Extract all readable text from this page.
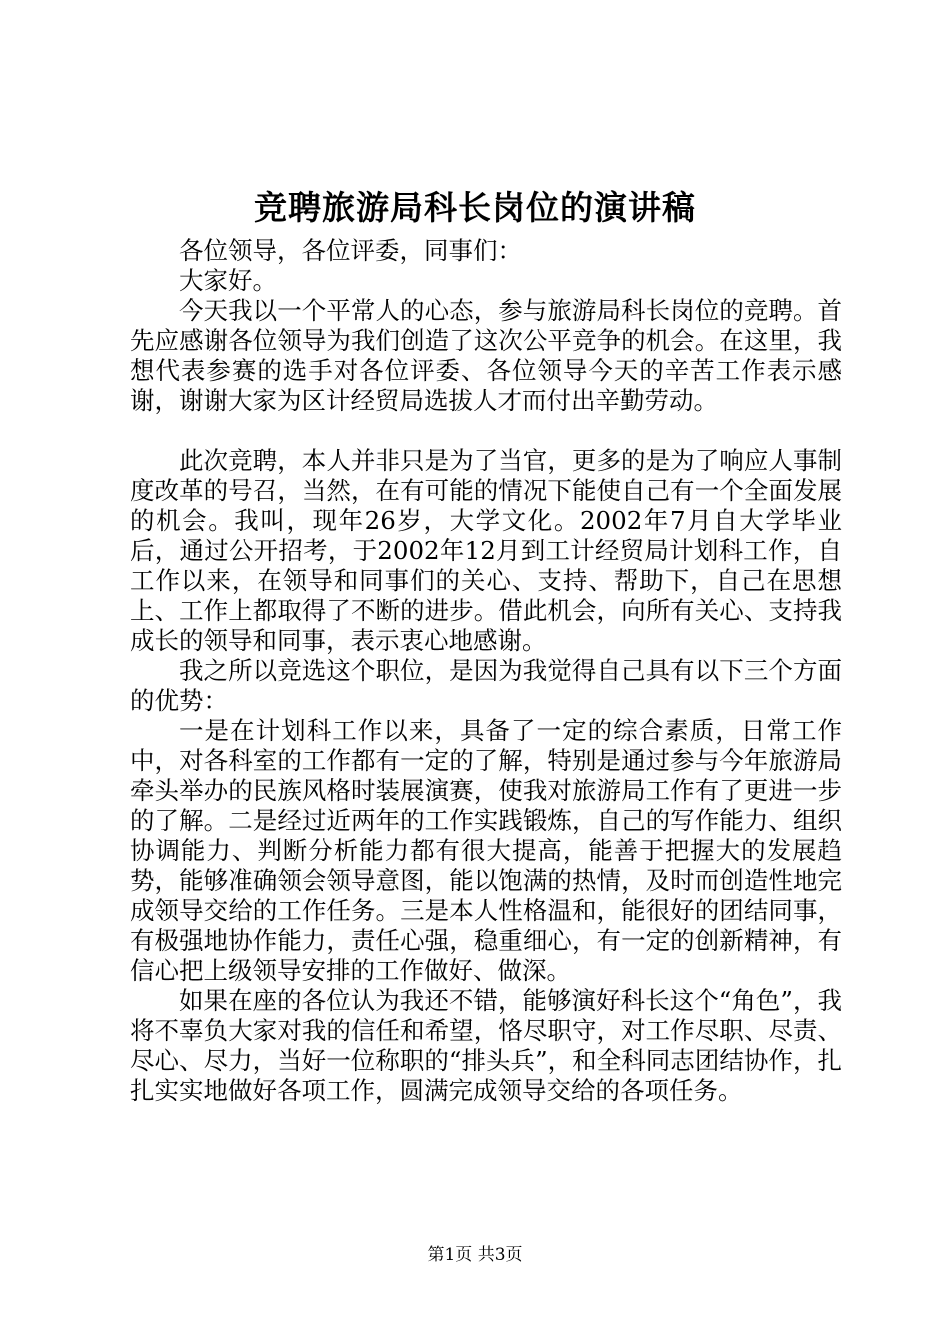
竞聘旅游局科长岗位的演讲稿

各位领导，各位评委，同事们：

大家好。

今天我以一个平常人的心态，参与旅游局科长岗位的竞聘。首先应感谢各位领导为我们创造了这次公平竞争的机会。在这里，我想代表参赛的选手对各位评委、各位领导今天的辛苦工作表示感谢，谢谢大家为区计经贸局选拔人才而付出辛勤劳动。

此次竞聘，本人并非只是为了当官，更多的是为了响应人事制度改革的号召，当然，在有可能的情况下能使自己有一个全面发展的机会。我叫，现年26岁，大学文化。2002年7月自大学毕业后，通过公开招考，于2002年12月到工计经贸局计划科工作，自工作以来，在领导和同事们的关心、支持、帮助下，自己在思想上、工作上都取得了不断的进步。借此机会，向所有关心、支持我成长的领导和同事，表示衷心地感谢。

我之所以竞选这个职位，是因为我觉得自己具有以下三个方面的优势：

一是在计划科工作以来，具备了一定的综合素质，日常工作中，对各科室的工作都有一定的了解，特别是通过参与今年旅游局牵头举办的民族风格时装展演赛，使我对旅游局工作有了更进一步的了解。二是经过近两年的工作实践锻炼，自己的写作能力、组织协调能力、判断分析能力都有很大提高，能善于把握大的发展趋势，能够准确领会领导意图，能以饱满的热情，及时而创造性地完成领导交给的工作任务。三是本人性格温和，能很好的团结同事，有极强地协作能力，责任心强，稳重细心，有一定的创新精神，有信心把上级领导安排的工作做好、做深。

如果在座的各位认为我还不错，能够演好科长这个“角色”，我将不辜负大家对我的信任和希望，恪尽职守，对工作尽职、尽责、尽心、尽力，当好一位称职的“排头兵”，和全科同志团结协作，扎扎实实地做好各项工作，圆满完成领导交给的各项任务。

第1页 共3页
